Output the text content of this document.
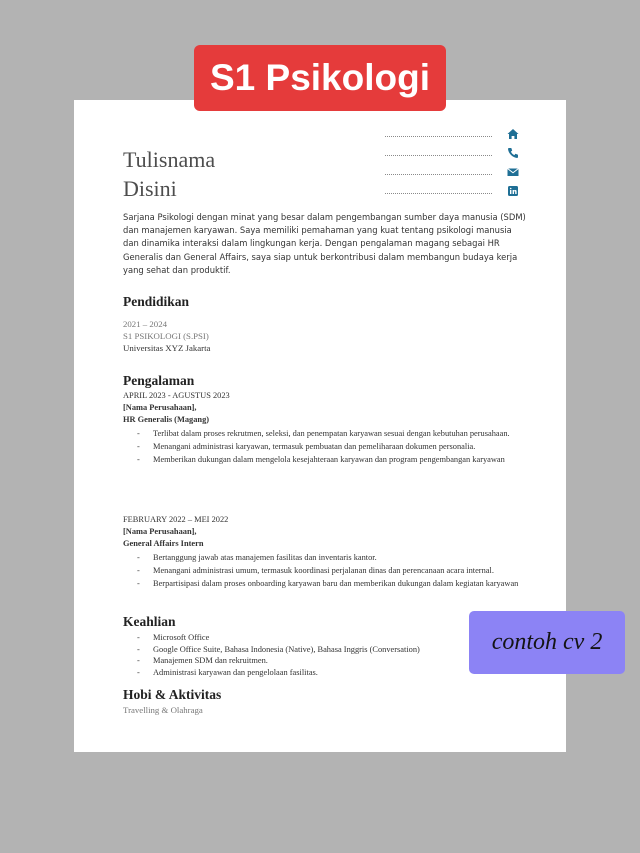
S1 Psikologi
Tulisnama
Disini

Sarjana Psikologi dengan minat yang besar dalam pengembangan sumber daya manusia (SDM) dan manajemen karyawan. Saya memiliki pemahaman yang kuat tentang psikologi manusia dan dinamika interaksi dalam lingkungan kerja. Dengan pengalaman magang sebagai HR Generalis dan General Affairs, saya siap untuk berkontribusi dalam membangun budaya kerja yang sehat dan produktif.

Pendidikan
2021 – 2024
S1 PSIKOLOGI (S.PSI)
Universitas XYZ Jakarta
Pengalaman
APRIL 2023 - AGUSTUS 2023
[Nama Perusahaan],
HR Generalis (Magang)
- Terlibat dalam proses rekrutmen, seleksi, dan penempatan karyawan sesuai dengan kebutuhan perusahaan.
- Menangani administrasi karyawan, termasuk pembuatan dan pemeliharaan dokumen personalia.
- Memberikan dukungan dalam mengelola kesejahteraan karyawan dan program pengembangan karyawan
FEBRUARY 2022 – MEI 2022
[Nama Perusahaan],
General Affairs Intern
- Bertanggung jawab atas manajemen fasilitas dan inventaris kantor.
- Menangani administrasi umum, termasuk koordinasi perjalanan dinas dan perencanaan acara internal.
- Berpartisipasi dalam proses onboarding karyawan baru dan memberikan dukungan dalam kegiatan karyawan
Keahlian
- Microsoft Office
- Google Office Suite, Bahasa Indonesia (Native), Bahasa Inggris (Conversation)
- Manajemen SDM dan rekruitmen.
- Administrasi karyawan dan pengelolaan fasilitas.
Hobi & Aktivitas
Travelling & Olahraga
contoh cv 2
